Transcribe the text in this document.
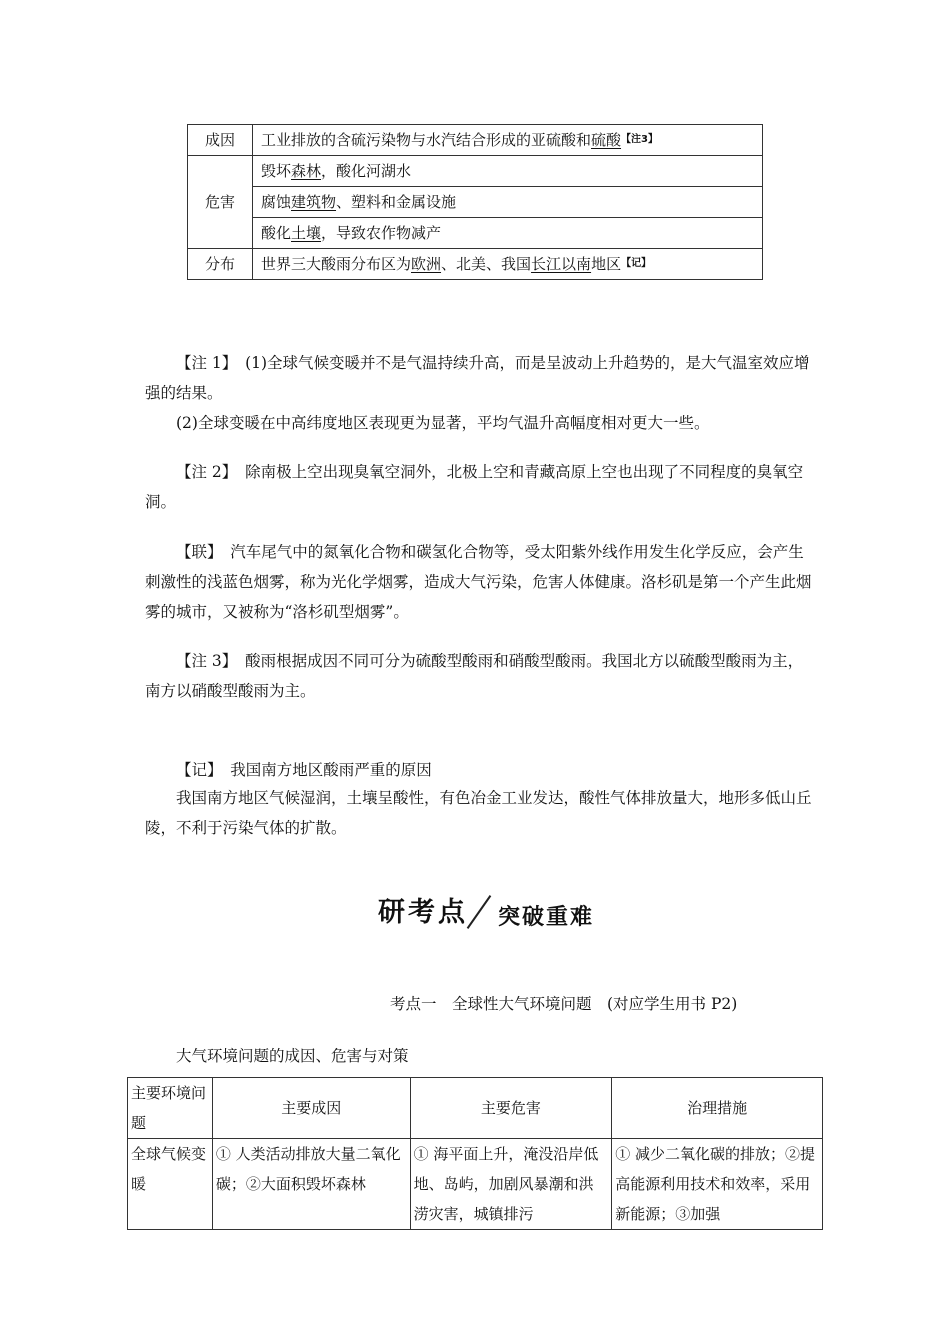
成因	工业排放的含硫污染物与水汽结合形成的亚硫酸和硫酸$^{【注3】}$
危害	毁坏森林，酸化河湖水
	腐蚀建筑物、塑料和金属设施
	酸化土壤，导致农作物减产
分布	世界三大酸雨分布区为欧洲、北美、我国长江以南地区$^{【记】}$
【注 1】　 (1)全球气候变暖并不是气温持续升高，而是呈波动上升趋势的，是大气温室效应增强的结果。
(2)全球变暖在中高纬度地区表现更为显著，平均气温升高幅度相对更大一些。
【注 2】　 除南极上空出现臭氧空洞外，北极上空和青藏高原上空也出现了不同程度的臭氧空洞。
【联】　 汽车尾气中的氮氧化合物和碳氢化合物等，受太阳紫外线作用发生化学反应，会产生刺激性的浅蓝色烟雾，称为光化学烟雾，造成大气污染，危害人体健康。洛杉矶是第一个产生此烟雾的城市，又被称为“洛杉矶型烟雾”。
【注 3】　 酸雨根据成因不同可分为硫酸型酸雨和硝酸型酸雨。我国北方以硫酸型酸雨为主，南方以硝酸型酸雨为主。
【记】　 我国南方地区酸雨严重的原因
我国南方地区气候湿润，土壤呈酸性，有色冶金工业发达，酸性气体排放量大，地形多低山丘陵，不利于污染气体的扩散。
研考点 突破重难
考点一　全球性大气环境问题　(对应学生用书 P2)
大气环境问题的成因、危害与对策
主要环境问题	主要成因	主要危害	治理措施
全球气候变暖	① 人类活动排放大量二氧化碳；②大面积毁坏森林	① 海平面上升，淹没沿岸低地、岛屿，加剧风暴潮和洪涝灾害，城镇排污	① 减少二氧化碳的排放；②提高能源利用技术和效率，采用新能源；③加强
